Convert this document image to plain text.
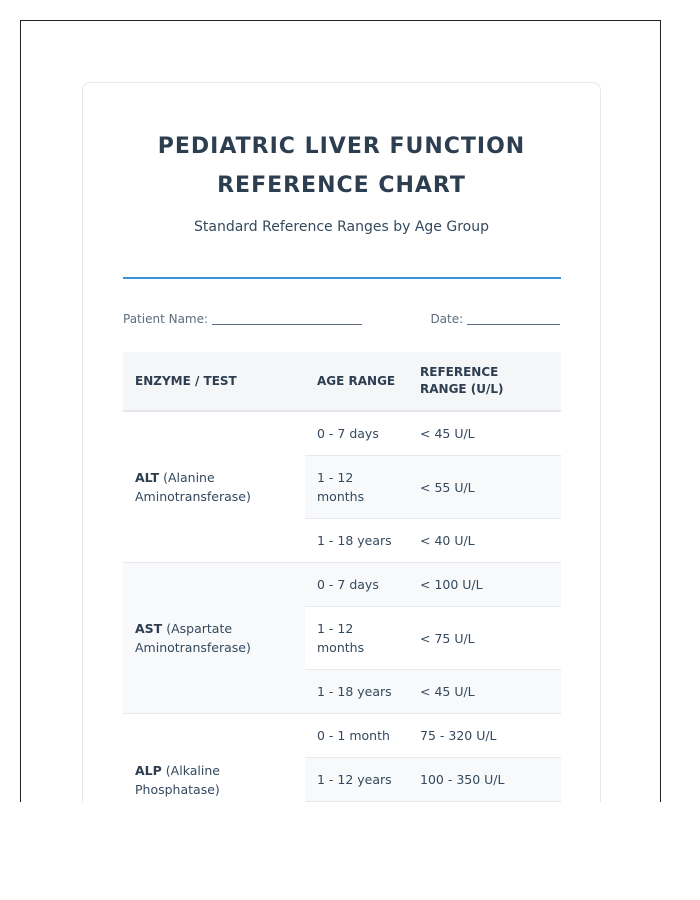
PEDIATRIC LIVER FUNCTION
REFERENCE CHART
Standard Reference Ranges by Age Group
Patient Name:	Date:
ENZYME / TEST	AGE RANGE	REFERENCE RANGE (U/L)
ALT (Alanine Aminotransferase)	0 - 7 days	< 45 U/L
	1 - 12 months	< 55 U/L
	1 - 18 years	< 40 U/L
AST (Aspartate Aminotransferase)	0 - 7 days	< 100 U/L
	1 - 12 months	< 75 U/L
	1 - 18 years	< 45 U/L
ALP (Alkaline Phosphatase)	0 - 1 month	75 - 320 U/L
	1 - 12 years	100 - 350 U/L
